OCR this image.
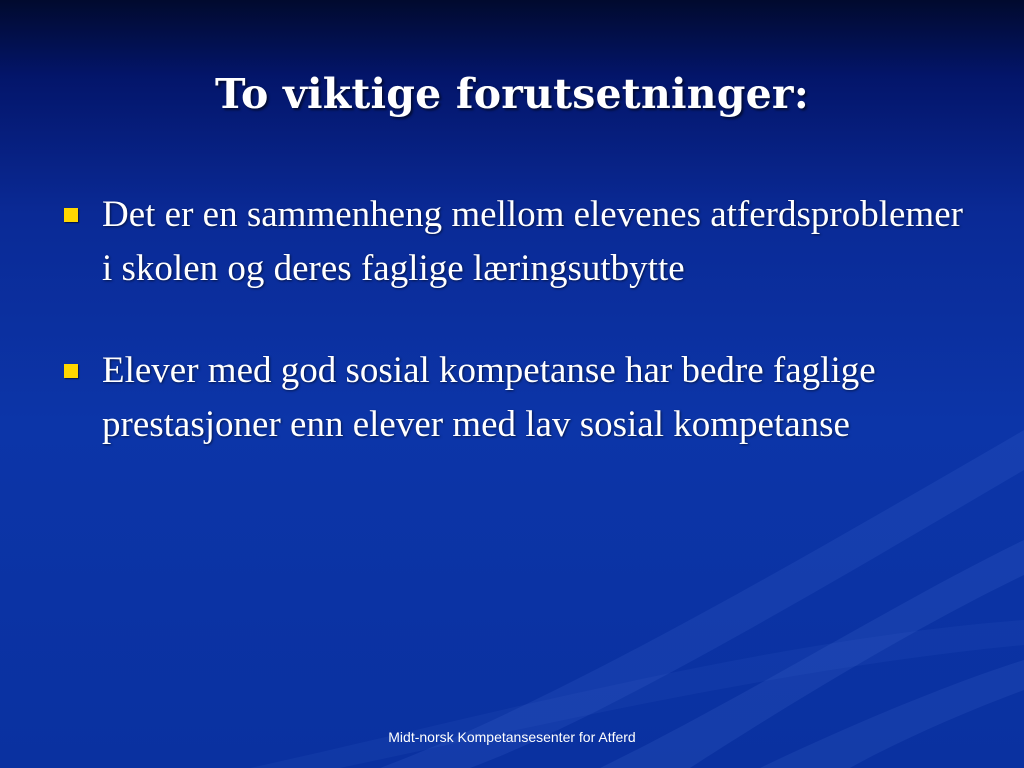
To viktige forutsetninger:
Det er en sammenheng mellom elevenes atferdsproblemer i skolen og deres faglige læringsutbytte
Elever med god sosial kompetanse har bedre faglige prestasjoner enn elever med lav sosial kompetanse
Midt-norsk Kompetansesenter for Atferd
